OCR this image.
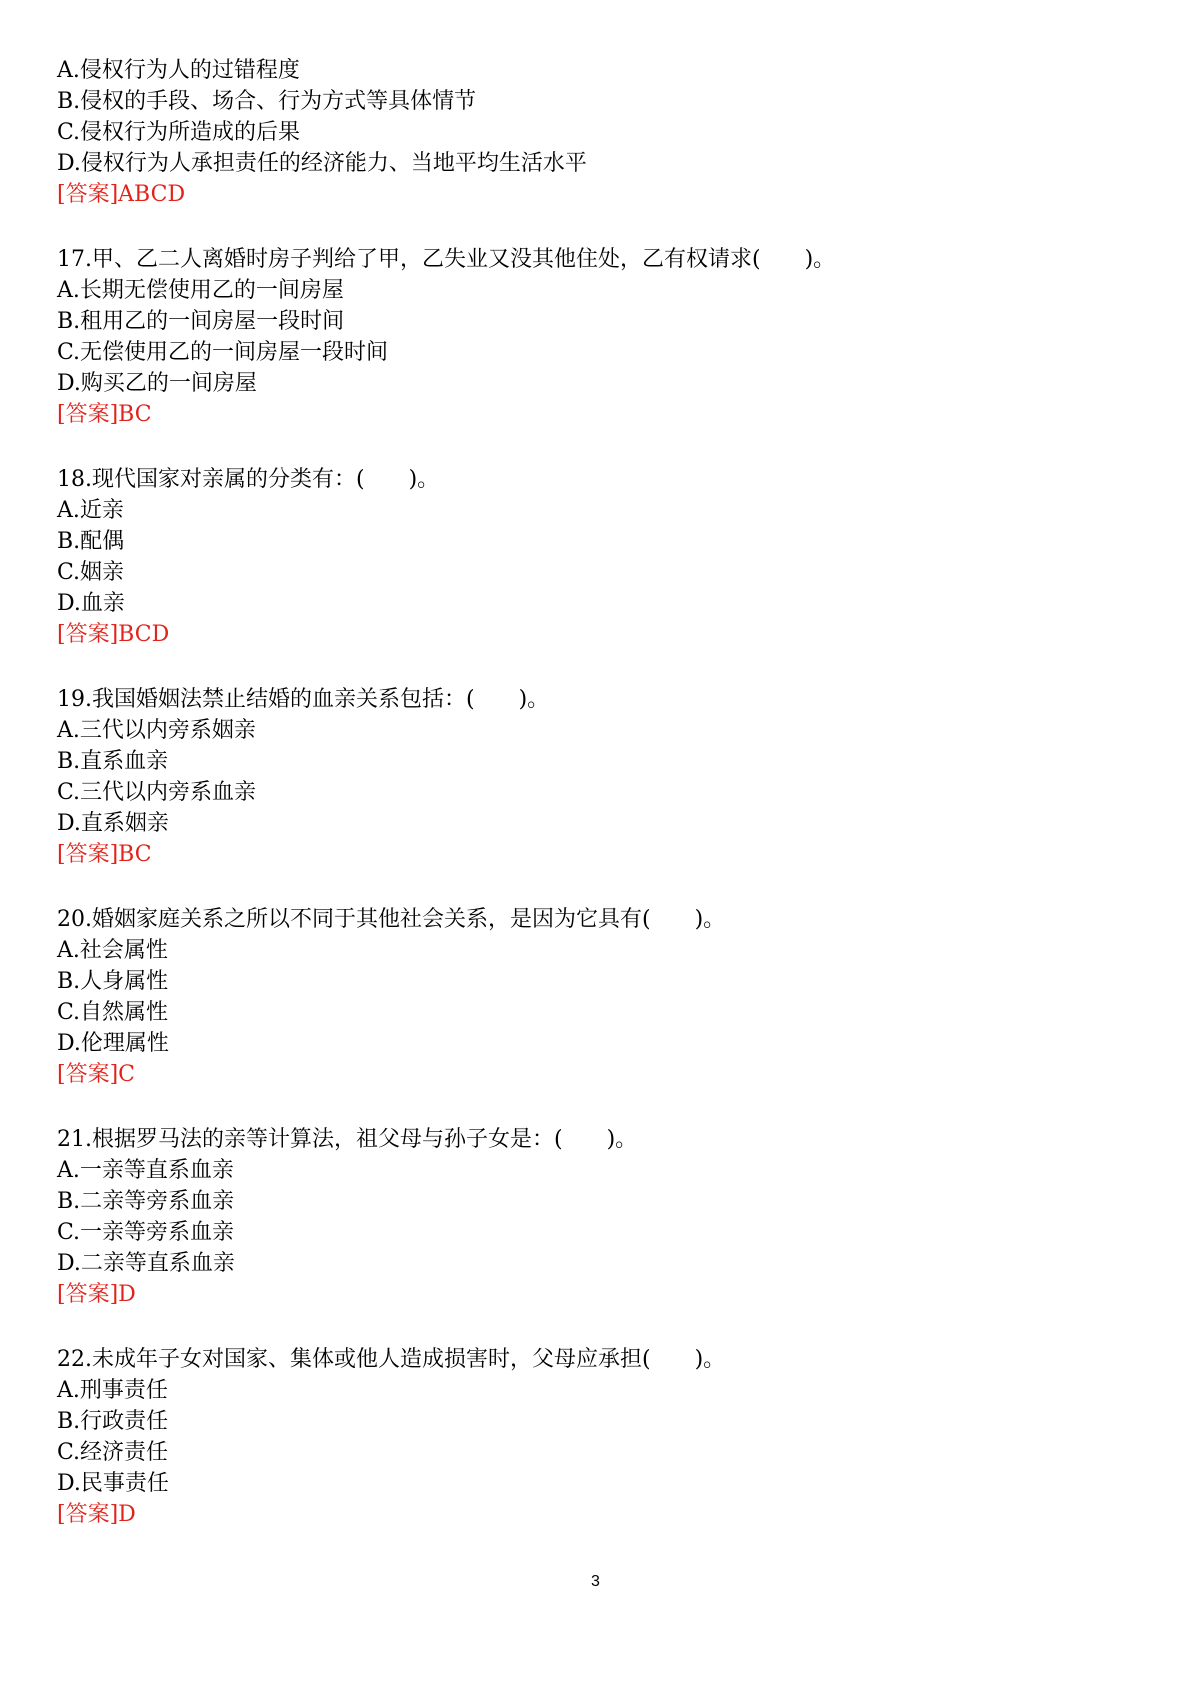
A.侵权行为人的过错程度
B.侵权的手段、场合、行为方式等具体情节
C.侵权行为所造成的后果
D.侵权行为人承担责任的经济能力、当地平均生活水平
[答案]ABCD
17.甲、乙二人离婚时房子判给了甲，乙失业又没其他住处，乙有权请求(　　)。
A.长期无偿使用乙的一间房屋
B.租用乙的一间房屋一段时间
C.无偿使用乙的一间房屋一段时间
D.购买乙的一间房屋
[答案]BC
18.现代国家对亲属的分类有：(　　)。
A.近亲
B.配偶
C.姻亲
D.血亲
[答案]BCD
19.我国婚姻法禁止结婚的血亲关系包括：(　　)。
A.三代以内旁系姻亲
B.直系血亲
C.三代以内旁系血亲
D.直系姻亲
[答案]BC
20.婚姻家庭关系之所以不同于其他社会关系，是因为它具有(　　)。
A.社会属性
B.人身属性
C.自然属性
D.伦理属性
[答案]C
21.根据罗马法的亲等计算法，祖父母与孙子女是：(　　)。
A.一亲等直系血亲
B.二亲等旁系血亲
C.一亲等旁系血亲
D.二亲等直系血亲
[答案]D
22.未成年子女对国家、集体或他人造成损害时，父母应承担(　　)。
A.刑事责任
B.行政责任
C.经济责任
D.民事责任
[答案]D
3
